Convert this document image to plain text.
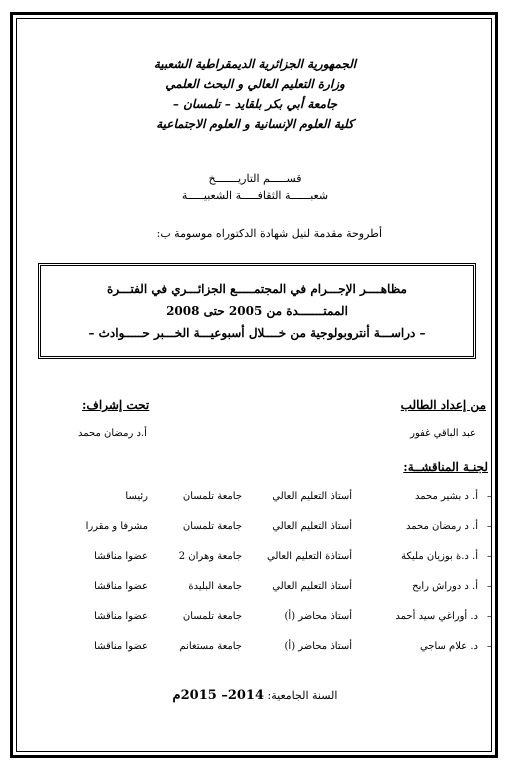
الجمهورية الجزائرية الديمقراطية الشعبية
وزارة التعليم العالي و البحث العلمي
جامعة أبي بكر بلقايد – تلمسان –
كلية العلوم الإنسانية و العلوم الاجتماعية
قســـــم التاريـــــــخ
شعبــــــة الثقافـــــة الشعبيـــــة
أطروحة مقدمة لنيل شهادة الدكتوراه موسومة ب:
مظاهــــر الإجـــرام في المجتمـــــع الجزائـــري في الفتـــرة
الممتـــــــدة من 2005 حتى 2008
– دراســـة أنتروبولوجية من خــــلال أسبوعيـــة الخـــبر حـــــوادث –
من إعداد الطالب
عبد الباقي غفور
تحت إشراف:
أ.د رمضان محمد
لجنـة المناقشــة:
–
أ. د بشير محمد
أستاذ التعليم العالي
جامعة تلمسان
رئيسا
–
أ. د رمضان محمد
أستاذ التعليم العالي
جامعة تلمسان
مشرفا و مقررا
–
أ. د.ة بوزيان مليكة
أستاذة التعليم العالي
جامعة وهران 2
عضوا مناقشا
–
أ. د دوراش رابح
أستاذ التعليم العالي
جامعة البليدة
عضوا مناقشا
–
د. أوراغي سيد أحمد
أستاذ محاضر (أ)
جامعة تلمسان
عضوا مناقشا
–
د. علام ساجي
أستاذ محاضر (أ)
جامعة مستغانم
عضوا مناقشا
السنة الجامعية: 2014– 2015م
